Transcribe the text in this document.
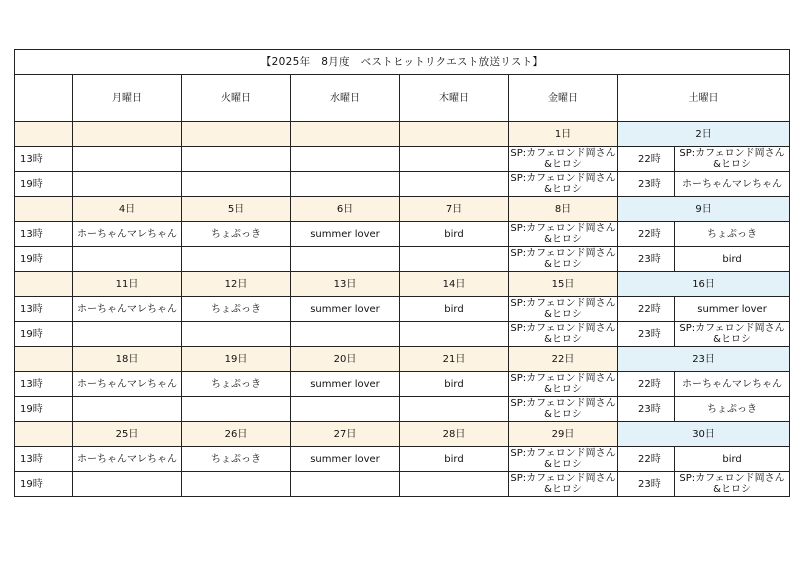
【2025年　8月度　ベストヒットリクエスト放送リスト】							
	月曜日	火曜日	水曜日	木曜日	金曜日	土曜日	
					1日	2日	
13時					SP:カフェロンド岡さん
&ヒロシ	22時	SP:カフェロンド岡さん
&ヒロシ

19時					SP:カフェロンド岡さん
&ヒロシ	23時	ホーちゃんマレちゃん

	4日	5日	6日	7日	8日	9日	
13時	ホーちゃんマレちゃん	ちょぷっき	summer lover	bird	SP:カフェロンド岡さん
&ヒロシ	22時	ちょぷっき

19時					SP:カフェロンド岡さん
&ヒロシ	23時	bird

	11日	12日	13日	14日	15日	16日	
13時	ホーちゃんマレちゃん	ちょぷっき	summer lover	bird	SP:カフェロンド岡さん
&ヒロシ	22時	summer lover

19時					SP:カフェロンド岡さん
&ヒロシ	23時	SP:カフェロンド岡さん
&ヒロシ

	18日	19日	20日	21日	22日	23日	
13時	ホーちゃんマレちゃん	ちょぷっき	summer lover	bird	SP:カフェロンド岡さん
&ヒロシ	22時	ホーちゃんマレちゃん

19時					SP:カフェロンド岡さん
&ヒロシ	23時	ちょぷっき

	25日	26日	27日	28日	29日	30日	
13時	ホーちゃんマレちゃん	ちょぷっき	summer lover	bird	SP:カフェロンド岡さん
&ヒロシ	22時	bird

19時					SP:カフェロンド岡さん
&ヒロシ	23時	SP:カフェロンド岡さん
&ヒロシ
